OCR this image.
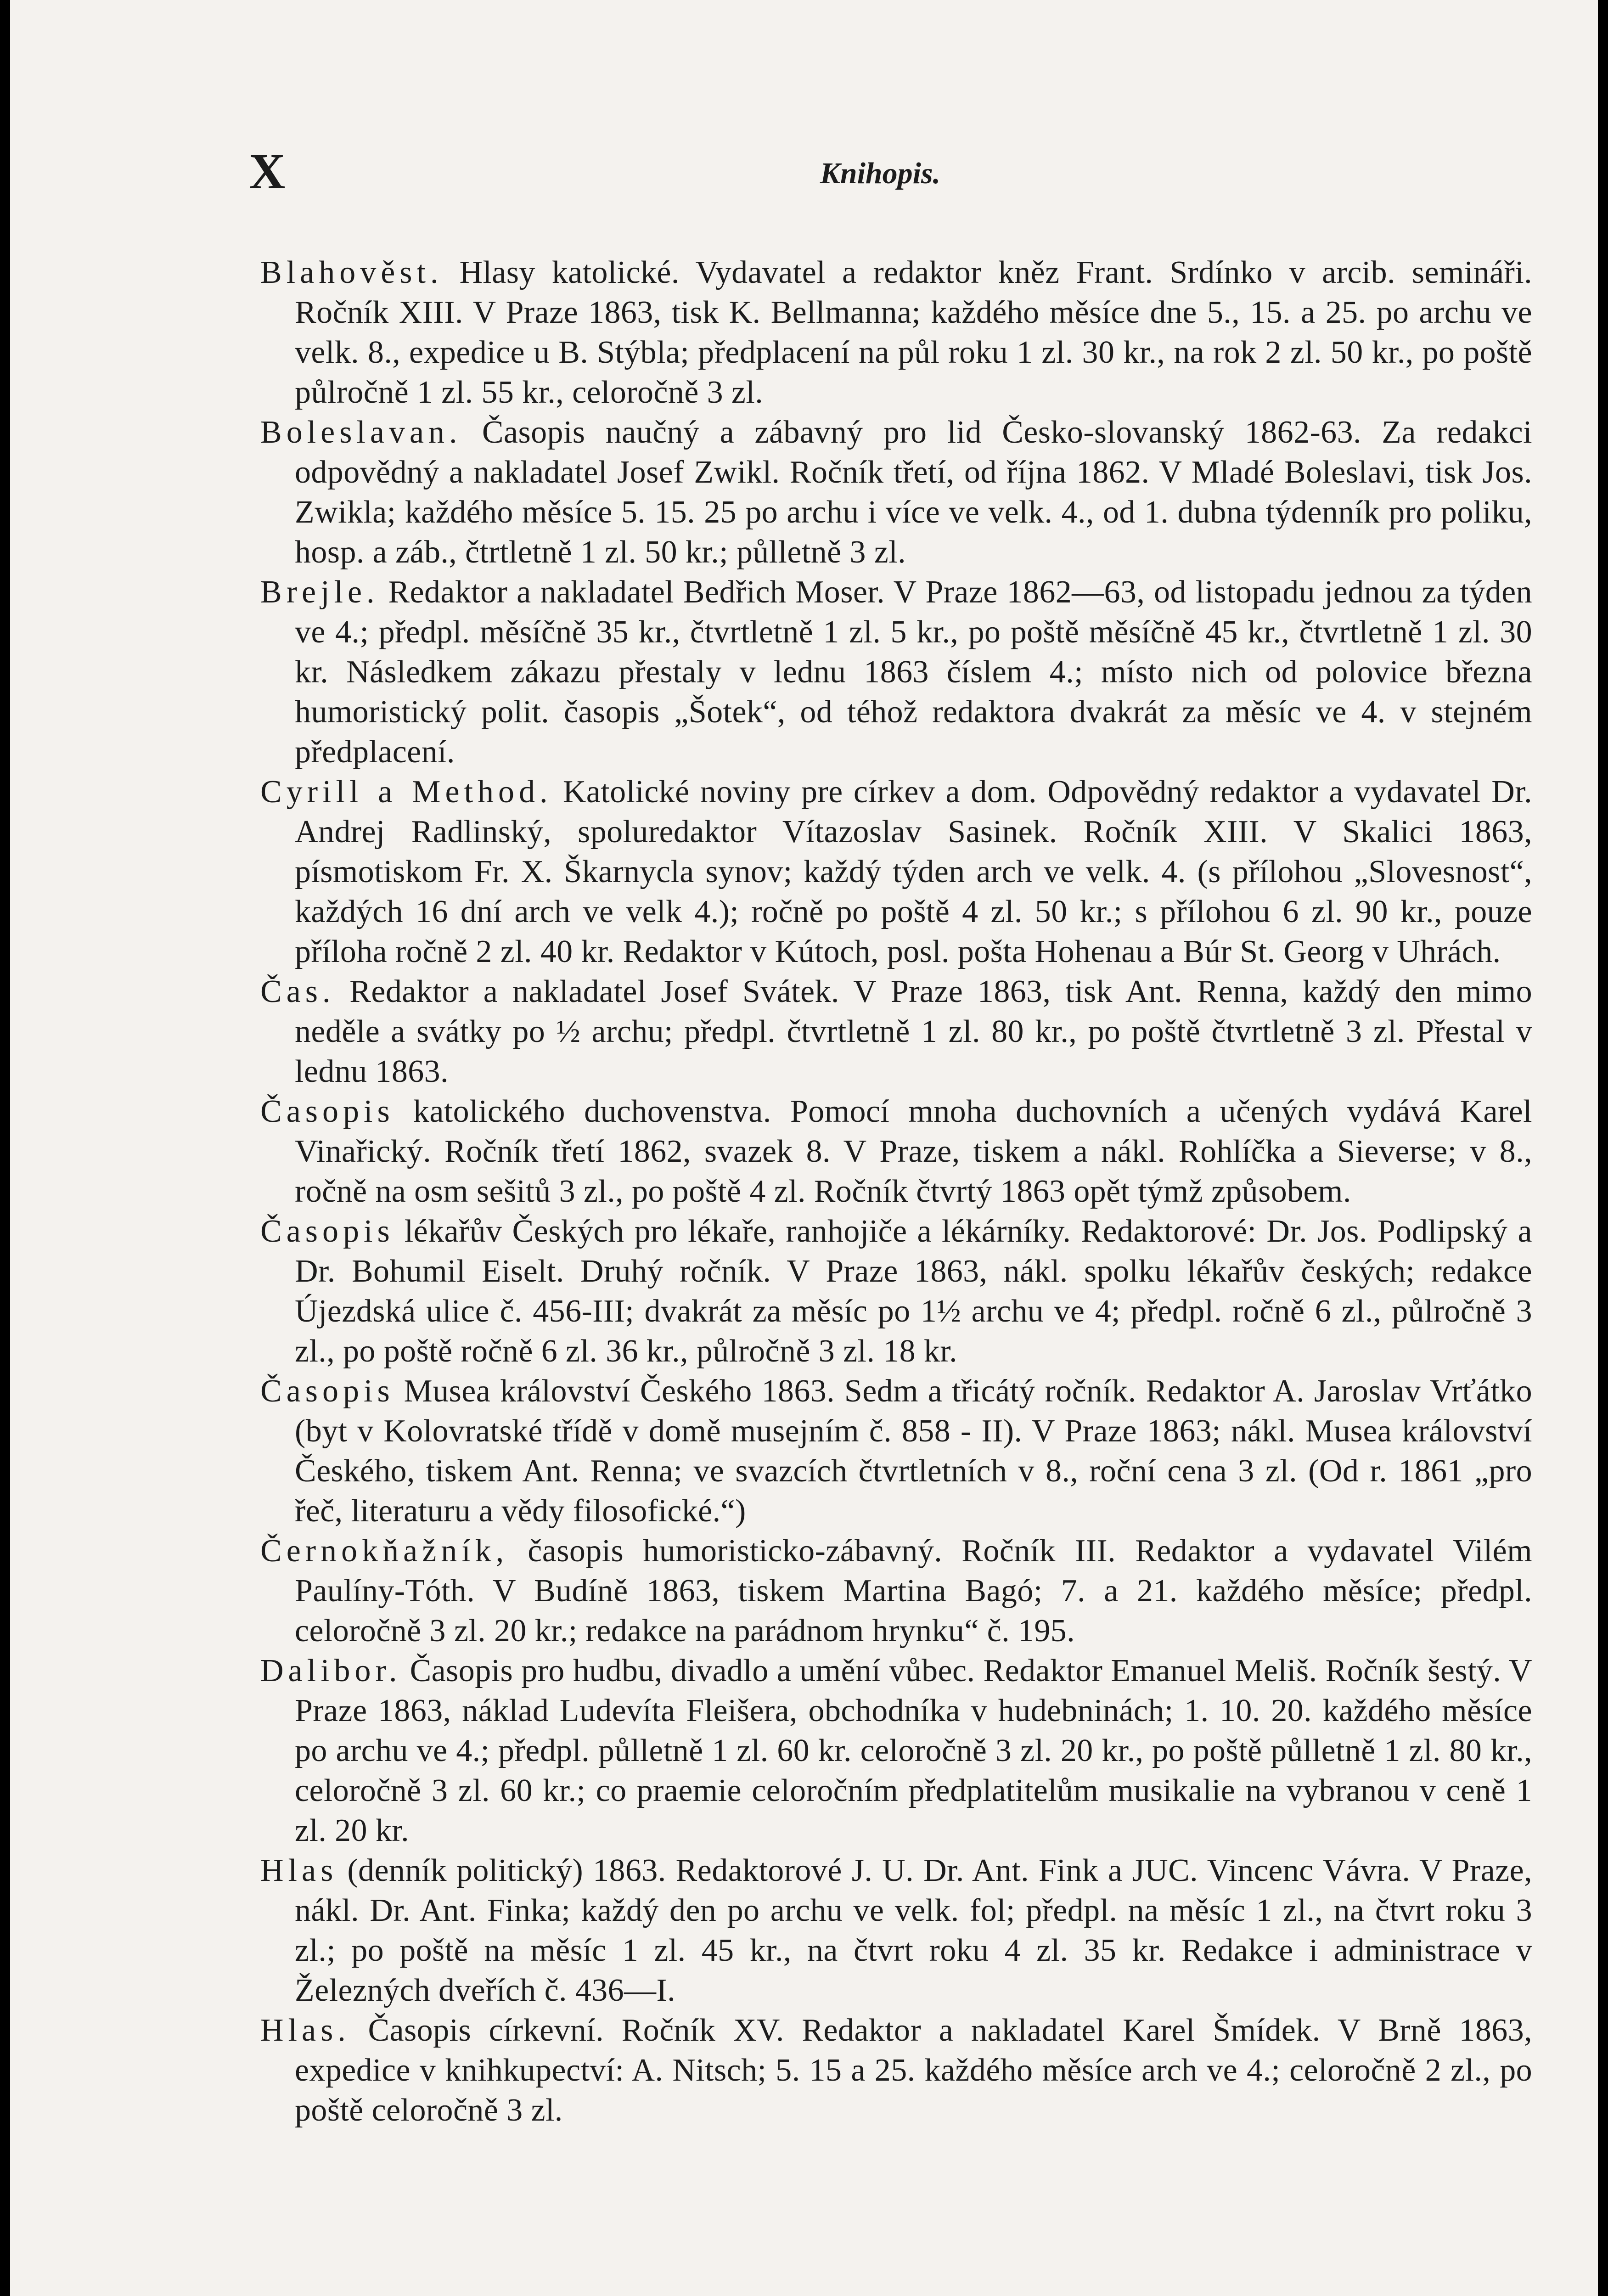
X	Knihopis.

Blahověst. Hlasy katolické. Vydavatel a redaktor kněz Frant. Srdínko v arcib. semináři. Ročník XIII. V Praze 1863, tisk K. Bellmanna; každého měsíce dne 5., 15. a 25. po archu ve velk. 8., expedice u B. Stýbla; předplacení na půl roku 1 zl. 30 kr., na rok 2 zl. 50 kr., po poště půlročně 1 zl. 55 kr., celoročně 3 zl.

Boleslavan. Časopis naučný a zábavný pro lid Česko-slovanský 1862-63. Za redakci odpovědný a nakladatel Josef Zwikl. Ročník třetí, od října 1862. V Mladé Boleslavi, tisk Jos. Zwikla; každého měsíce 5. 15. 25 po archu i více ve velk. 4., od 1. dubna týdenník pro poliku, hosp. a záb., čtrtletně 1 zl. 50 kr.; půlletně 3 zl.

Brejle. Redaktor a nakladatel Bedřich Moser. V Praze 1862—63, od listopadu jednou za týden ve 4.; předpl. měsíčně 35 kr., čtvrtletně 1 zl. 5 kr., po poště měsíčně 45 kr., čtvrtletně 1 zl. 30 kr. Následkem zákazu přestaly v lednu 1863 číslem 4.; místo nich od polovice března humoristický polit. časopis „Šotek“, od téhož redaktora dvakrát za měsíc ve 4. v stejném předplacení.

Cyrill a Method. Katolické noviny pre církev a dom. Odpovědný redaktor a vydavatel Dr. Andrej Radlinský, spoluredaktor Vítazoslav Sasinek. Ročník XIII. V Skalici 1863, písmotiskom Fr. X. Škarnycla synov; každý týden arch ve velk. 4. (s přílohou „Slovesnost“, každých 16 dní arch ve velk 4.); ročně po poště 4 zl. 50 kr.; s přílohou 6 zl. 90 kr., pouze příloha ročně 2 zl. 40 kr. Redaktor v Kútoch, posl. pošta Hohenau a Búr St. Georg v Uhrách.

Čas. Redaktor a nakladatel Josef Svátek. V Praze 1863, tisk Ant. Renna, každý den mimo neděle a svátky po ½ archu; předpl. čtvrtletně 1 zl. 80 kr., po poště čtvrtletně 3 zl. Přestal v lednu 1863.

Časopis katolického duchovenstva. Pomocí mnoha duchovních a učených vydává Karel Vinařický. Ročník třetí 1862, svazek 8. V Praze, tiskem a nákl. Rohlíčka a Sieverse; v 8., ročně na osm sešitů 3 zl., po poště 4 zl. Ročník čtvrtý 1863 opět týmž způsobem.

Časopis lékařův Českých pro lékaře, ranhojiče a lékárníky. Redaktorové: Dr. Jos. Podlipský a Dr. Bohumil Eiselt. Druhý ročník. V Praze 1863, nákl. spolku lékařův českých; redakce Újezdská ulice č. 456-III; dvakrát za měsíc po 1½ archu ve 4; předpl. ročně 6 zl., půlročně 3 zl., po poště ročně 6 zl. 36 kr., půlročně 3 zl. 18 kr.

Časopis Musea království Českého 1863. Sedm a třicátý ročník. Redaktor A. Jaroslav Vrťátko (byt v Kolovratské třídě v domě musejním č. 858 - II). V Praze 1863; nákl. Musea království Českého, tiskem Ant. Renna; ve svazcích čtvrtletních v 8., roční cena 3 zl. (Od r. 1861 „pro řeč, literaturu a vědy filosofické.“)

Černokňažník, časopis humoristicko-zábavný. Ročník III. Redaktor a vydavatel Vilém Paulíny-Tóth. V Budíně 1863, tiskem Martina Bagó; 7. a 21. každého měsíce; předpl. celoročně 3 zl. 20 kr.; redakce na parádnom hrynku“ č. 195.

Dalibor. Časopis pro hudbu, divadlo a umění vůbec. Redaktor Emanuel Meliš. Ročník šestý. V Praze 1863, náklad Ludevíta Fleišera, obchodníka v hudebninách; 1. 10. 20. každého měsíce po archu ve 4.; předpl. půlletně 1 zl. 60 kr. celoročně 3 zl. 20 kr., po poště půlletně 1 zl. 80 kr., celoročně 3 zl. 60 kr.; co praemie celoročním předplatitelům musikalie na vybranou v ceně 1 zl. 20 kr.

Hlas (denník politický) 1863. Redaktorové J. U. Dr. Ant. Fink a JUC. Vincenc Vávra. V Praze, nákl. Dr. Ant. Finka; každý den po archu ve velk. fol; předpl. na měsíc 1 zl., na čtvrt roku 3 zl.; po poště na měsíc 1 zl. 45 kr., na čtvrt roku 4 zl. 35 kr. Redakce i administrace v Železných dveřích č. 436—I.

Hlas. Časopis církevní. Ročník XV. Redaktor a nakladatel Karel Šmídek. V Brně 1863, expedice v knihkupectví: A. Nitsch; 5. 15 a 25. každého měsíce arch ve 4.; celoročně 2 zl., po poště celoročně 3 zl.
